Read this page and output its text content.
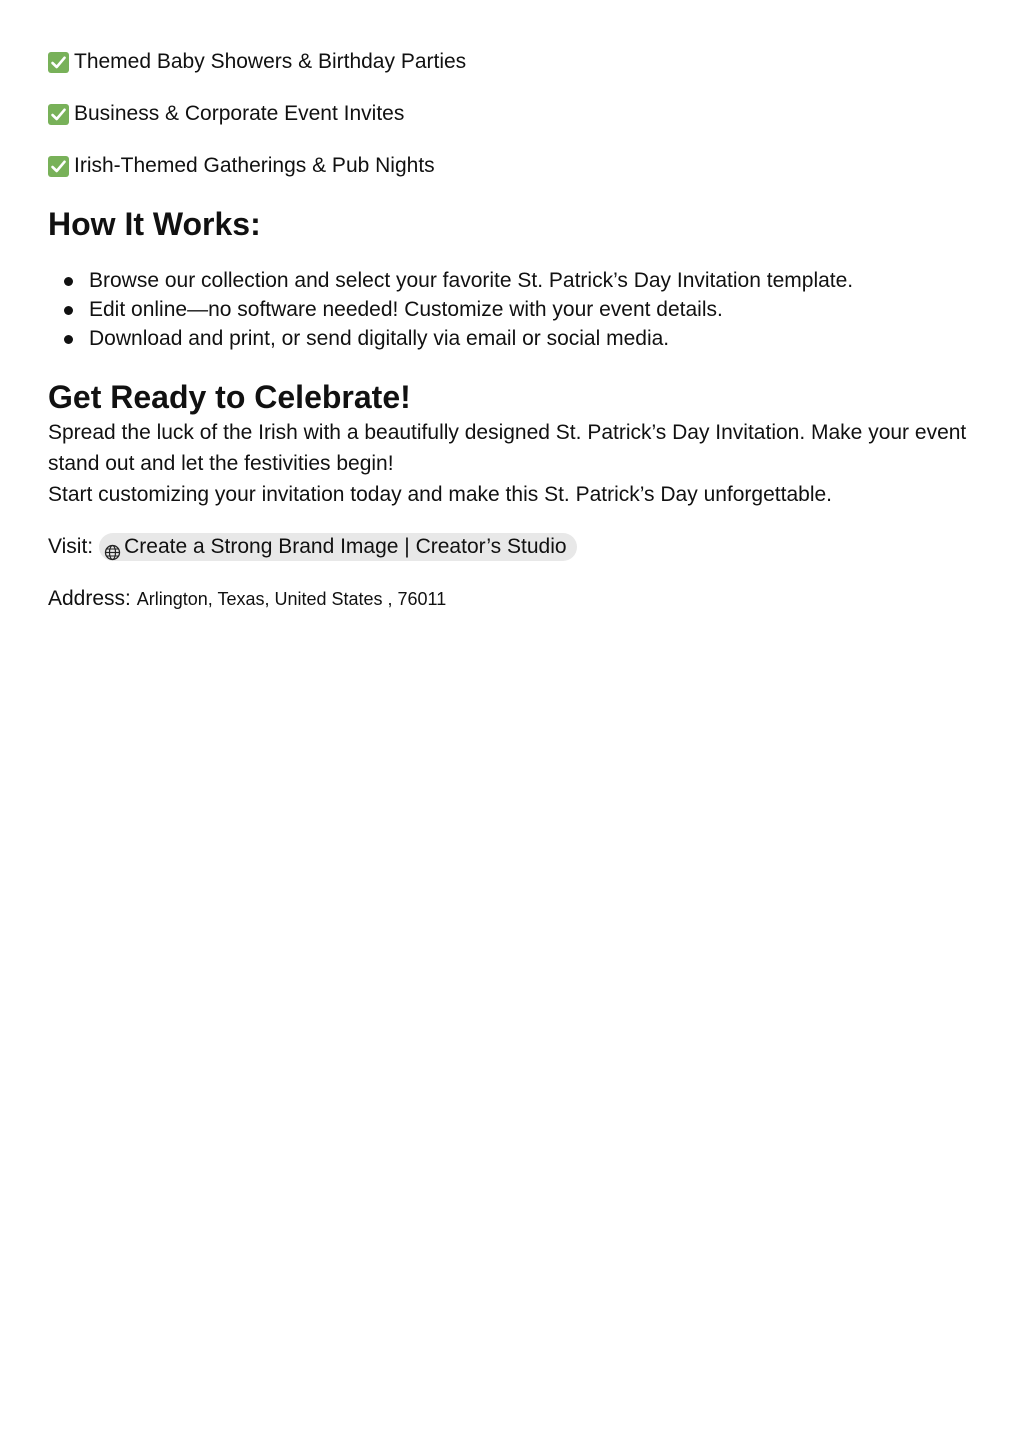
Themed Baby Showers & Birthday Parties
Business & Corporate Event Invites
Irish-Themed Gatherings & Pub Nights
How It Works:
Browse our collection and select your favorite St. Patrick’s Day Invitation template.
Edit online—no software needed! Customize with your event details.
Download and print, or send digitally via email or social media.
Get Ready to Celebrate!

Spread the luck of the Irish with a beautifully designed St. Patrick’s Day Invitation. Make your event stand out and let the festivities begin!

Start customizing your invitation today and make this St. Patrick’s Day unforgettable.

Visit: Create a Strong Brand Image | Creator’s Studio
Address: Arlington, Texas, United States , 76011
